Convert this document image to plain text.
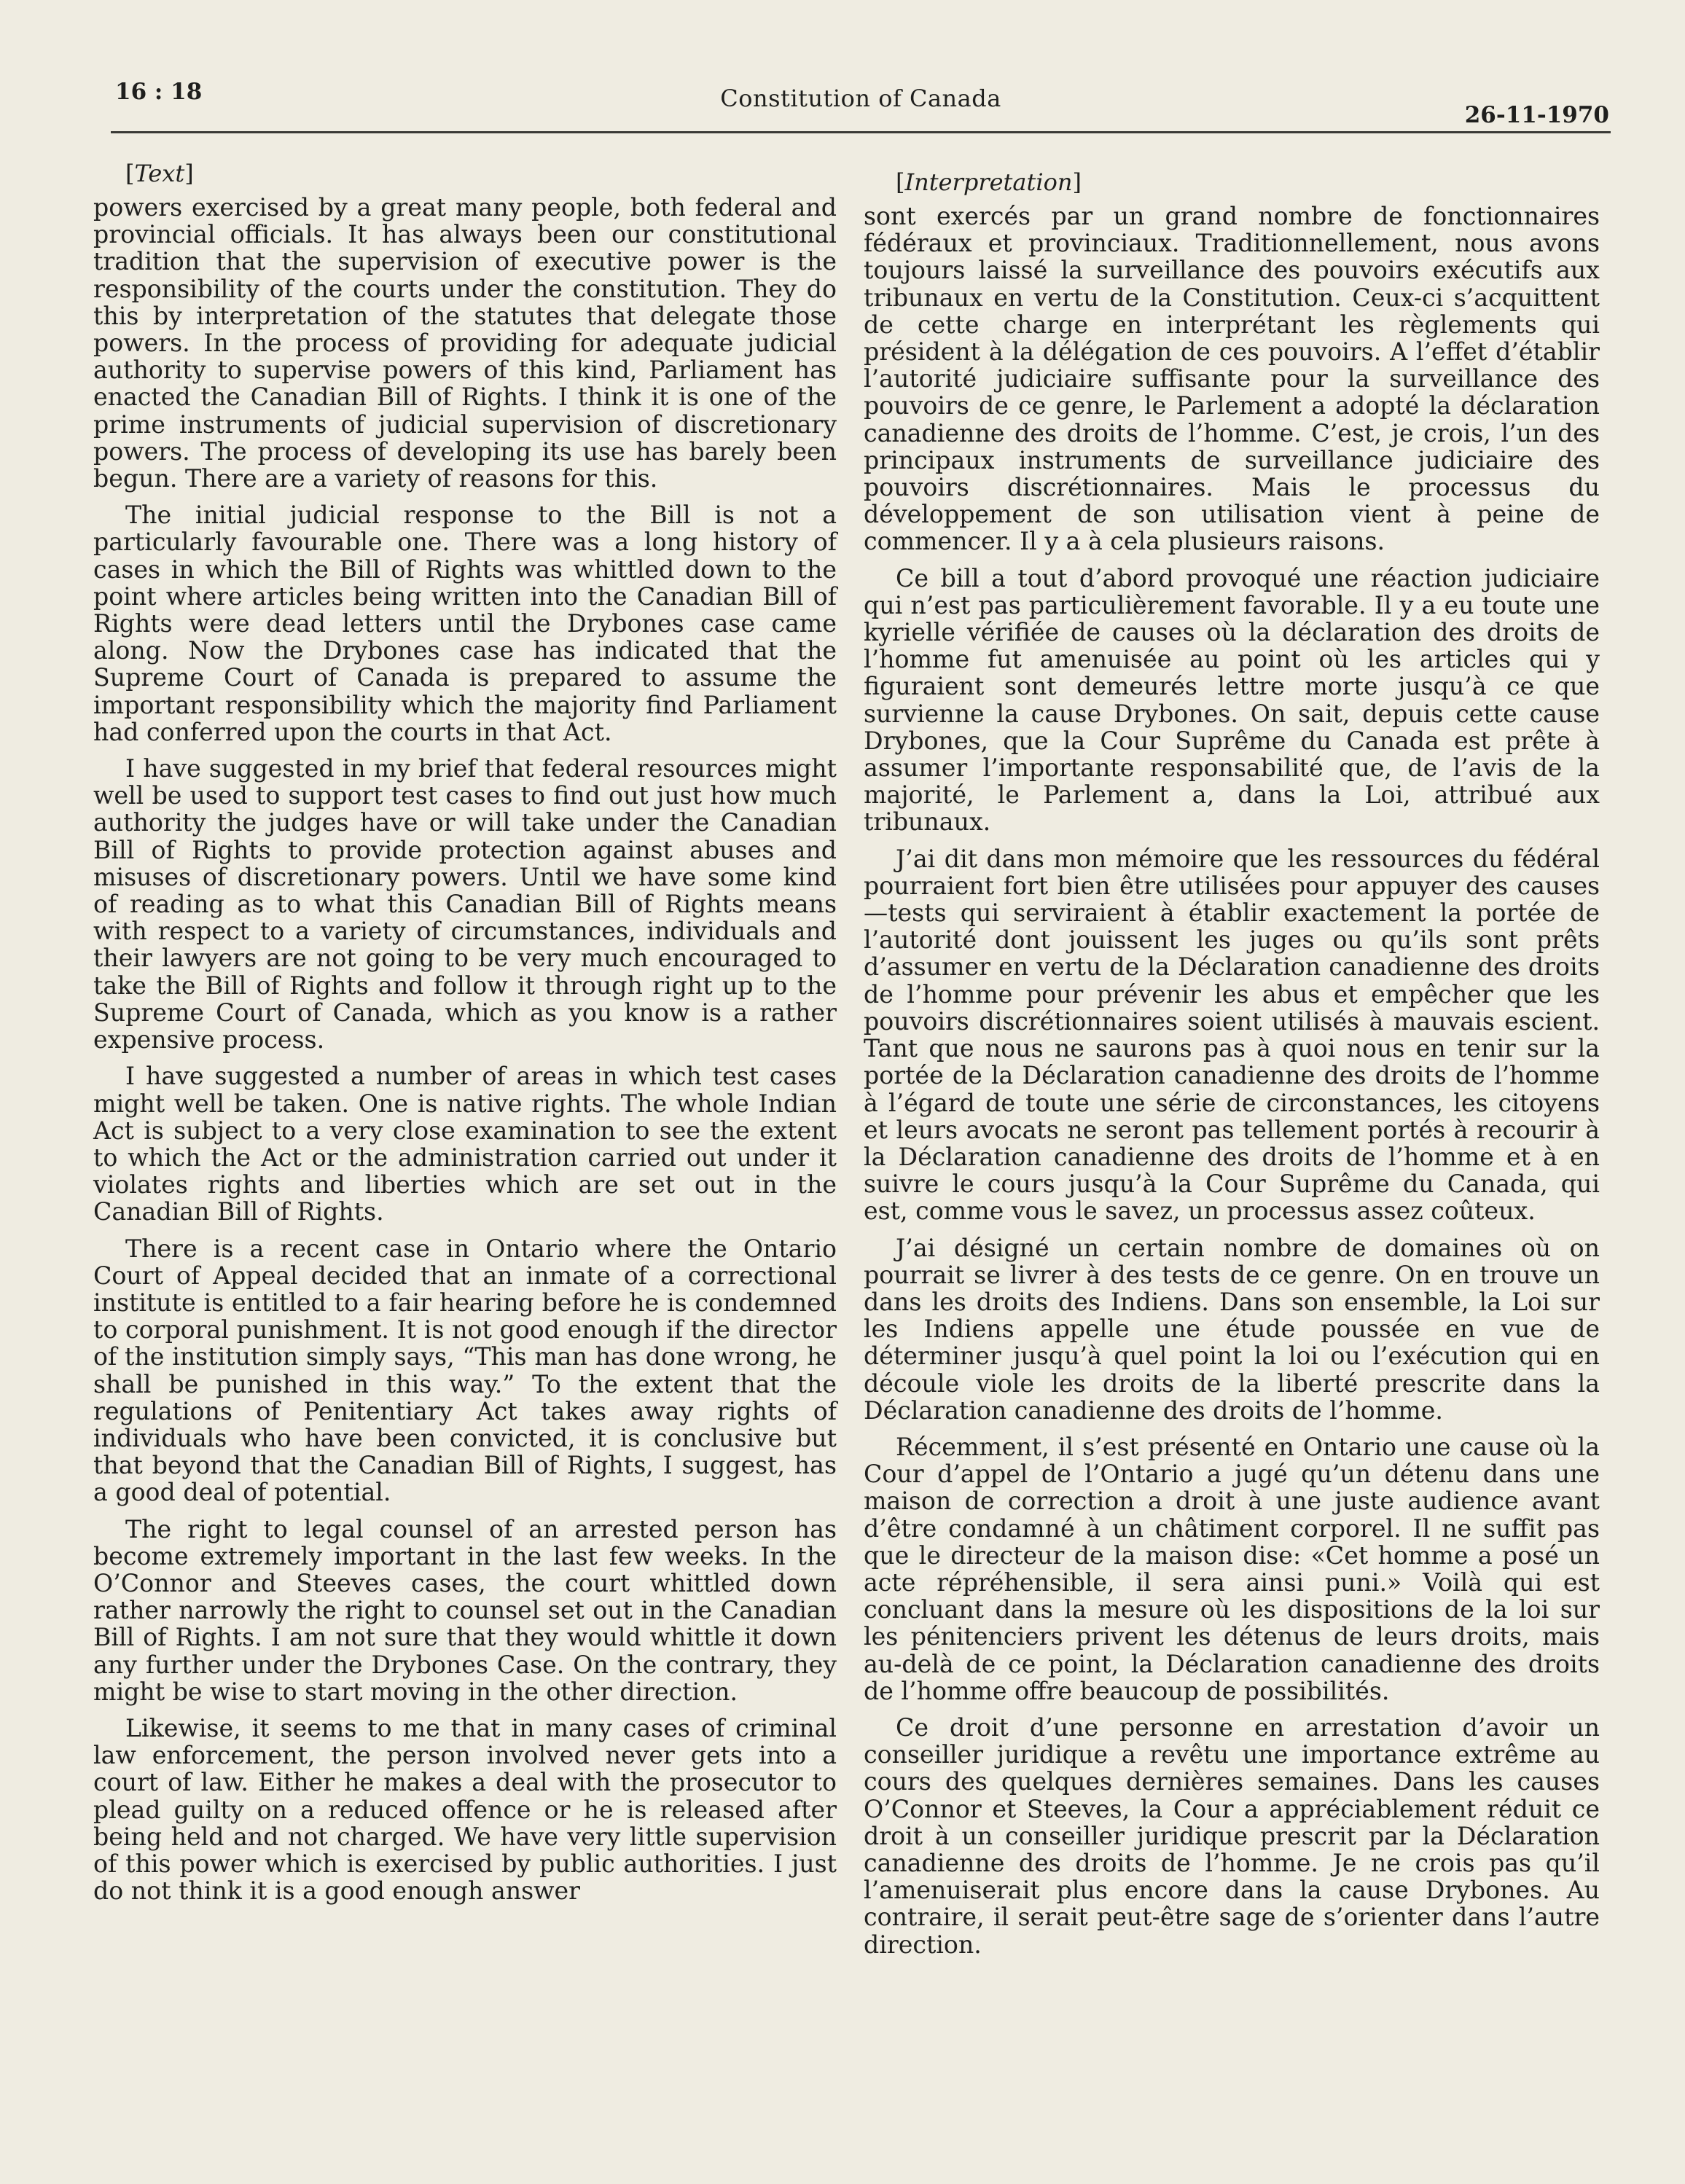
16 : 18	Constitution of Canada
26-11-1970
[Text]

powers exercised by a great many people, both federal and provincial officials. It has always been our constitutional tradition that the supervision of executive power is the responsibility of the courts under the constitution. They do this by interpretation of the statutes that delegate those powers. In the process of providing for adequate judicial authority to supervise powers of this kind, Parliament has enacted the Canadian Bill of Rights. I think it is one of the prime instruments of judicial supervision of discretionary powers. The process of developing its use has barely been begun. There are a variety of reasons for this.

The initial judicial response to the Bill is not a particularly favourable one. There was a long history of cases in which the Bill of Rights was whittled down to the point where articles being written into the Canadian Bill of Rights were dead letters until the Drybones case came along. Now the Drybones case has indicated that the Supreme Court of Canada is prepared to assume the important responsibility which the majority find Parliament had conferred upon the courts in that Act.

I have suggested in my brief that federal resources might well be used to support test cases to find out just how much authority the judges have or will take under the Canadian Bill of Rights to provide protection against abuses and misuses of discretionary powers. Until we have some kind of reading as to what this Canadian Bill of Rights means with respect to a variety of circumstances, individuals and their lawyers are not going to be very much encouraged to take the Bill of Rights and follow it through right up to the Supreme Court of Canada, which as you know is a rather expensive process.

I have suggested a number of areas in which test cases might well be taken. One is native rights. The whole Indian Act is subject to a very close examination to see the extent to which the Act or the administration carried out under it violates rights and liberties which are set out in the Canadian Bill of Rights.

There is a recent case in Ontario where the Ontario Court of Appeal decided that an inmate of a correctional institute is entitled to a fair hearing before he is condemned to corporal punishment. It is not good enough if the director of the institution simply says, “This man has done wrong, he shall be punished in this way.” To the extent that the regulations of Penitentiary Act takes away rights of individuals who have been convicted, it is conclusive but that beyond that the Canadian Bill of Rights, I suggest, has a good deal of potential.

The right to legal counsel of an arrested person has become extremely important in the last few weeks. In the O’Connor and Steeves cases, the court whittled down rather narrowly the right to counsel set out in the Canadian Bill of Rights. I am not sure that they would whittle it down any further under the Drybones Case. On the contrary, they might be wise to start moving in the other direction.

Likewise, it seems to me that in many cases of criminal law enforcement, the person involved never gets into a court of law. Either he makes a deal with the prosecutor to plead guilty on a reduced offence or he is released after being held and not charged. We have very little supervision of this power which is exercised by public authorities. I just do not think it is a good enough answer

[Interpretation]

sont exercés par un grand nombre de fonctionnaires fédéraux et provinciaux. Traditionnellement, nous avons toujours laissé la surveillance des pouvoirs exécutifs aux tribunaux en vertu de la Constitution. Ceux-ci s’acquittent de cette charge en interprétant les règlements qui président à la délégation de ces pouvoirs. A l’effet d’établir l’autorité judiciaire suffisante pour la surveillance des pouvoirs de ce genre, le Parlement a adopté la déclaration canadienne des droits de l’homme. C’est, je crois, l’un des principaux instruments de surveillance judiciaire des pouvoirs discrétionnaires. Mais le processus du développement de son utilisation vient à peine de commencer. Il y a à cela plusieurs raisons.

Ce bill a tout d’abord provoqué une réaction judiciaire qui n’est pas particulièrement favorable. Il y a eu toute une kyrielle vérifiée de causes où la déclaration des droits de l’homme fut amenuisée au point où les articles qui y figuraient sont demeurés lettre morte jusqu’à ce que survienne la cause Drybones. On sait, depuis cette cause Drybones, que la Cour Suprême du Canada est prête à assumer l’importante responsabilité que, de l’avis de la majorité, le Parlement a, dans la Loi, attribué aux tribunaux.

J’ai dit dans mon mémoire que les ressources du fédéral pourraient fort bien être utilisées pour appuyer des causes—tests qui serviraient à établir exactement la portée de l’autorité dont jouissent les juges ou qu’ils sont prêts d’assumer en vertu de la Déclaration canadienne des droits de l’homme pour prévenir les abus et empêcher que les pouvoirs discrétionnaires soient utilisés à mauvais escient. Tant que nous ne saurons pas à quoi nous en tenir sur la portée de la Déclaration canadienne des droits de l’homme à l’égard de toute une série de circonstances, les citoyens et leurs avocats ne seront pas tellement portés à recourir à la Déclaration canadienne des droits de l’homme et à en suivre le cours jusqu’à la Cour Suprême du Canada, qui est, comme vous le savez, un processus assez coûteux.

J’ai désigné un certain nombre de domaines où on pourrait se livrer à des tests de ce genre. On en trouve un dans les droits des Indiens. Dans son ensemble, la Loi sur les Indiens appelle une étude poussée en vue de déterminer jusqu’à quel point la loi ou l’exécution qui en découle viole les droits de la liberté prescrite dans la Déclaration canadienne des droits de l’homme.

Récemment, il s’est présenté en Ontario une cause où la Cour d’appel de l’Ontario a jugé qu’un détenu dans une maison de correction a droit à une juste audience avant d’être condamné à un châtiment corporel. Il ne suffit pas que le directeur de la maison dise: «Cet homme a posé un acte répréhensible, il sera ainsi puni.» Voilà qui est concluant dans la mesure où les dispositions de la loi sur les pénitenciers privent les détenus de leurs droits, mais au-delà de ce point, la Déclaration canadienne des droits de l’homme offre beaucoup de possibilités.

Ce droit d’une personne en arrestation d’avoir un conseiller juridique a revêtu une importance extrême au cours des quelques dernières semaines. Dans les causes O’Connor et Steeves, la Cour a appréciablement réduit ce droit à un conseiller juridique prescrit par la Déclaration canadienne des droits de l’homme. Je ne crois pas qu’il l’amenuiserait plus encore dans la cause Drybones. Au contraire, il serait peut-être sage de s’orienter dans l’autre direction.
